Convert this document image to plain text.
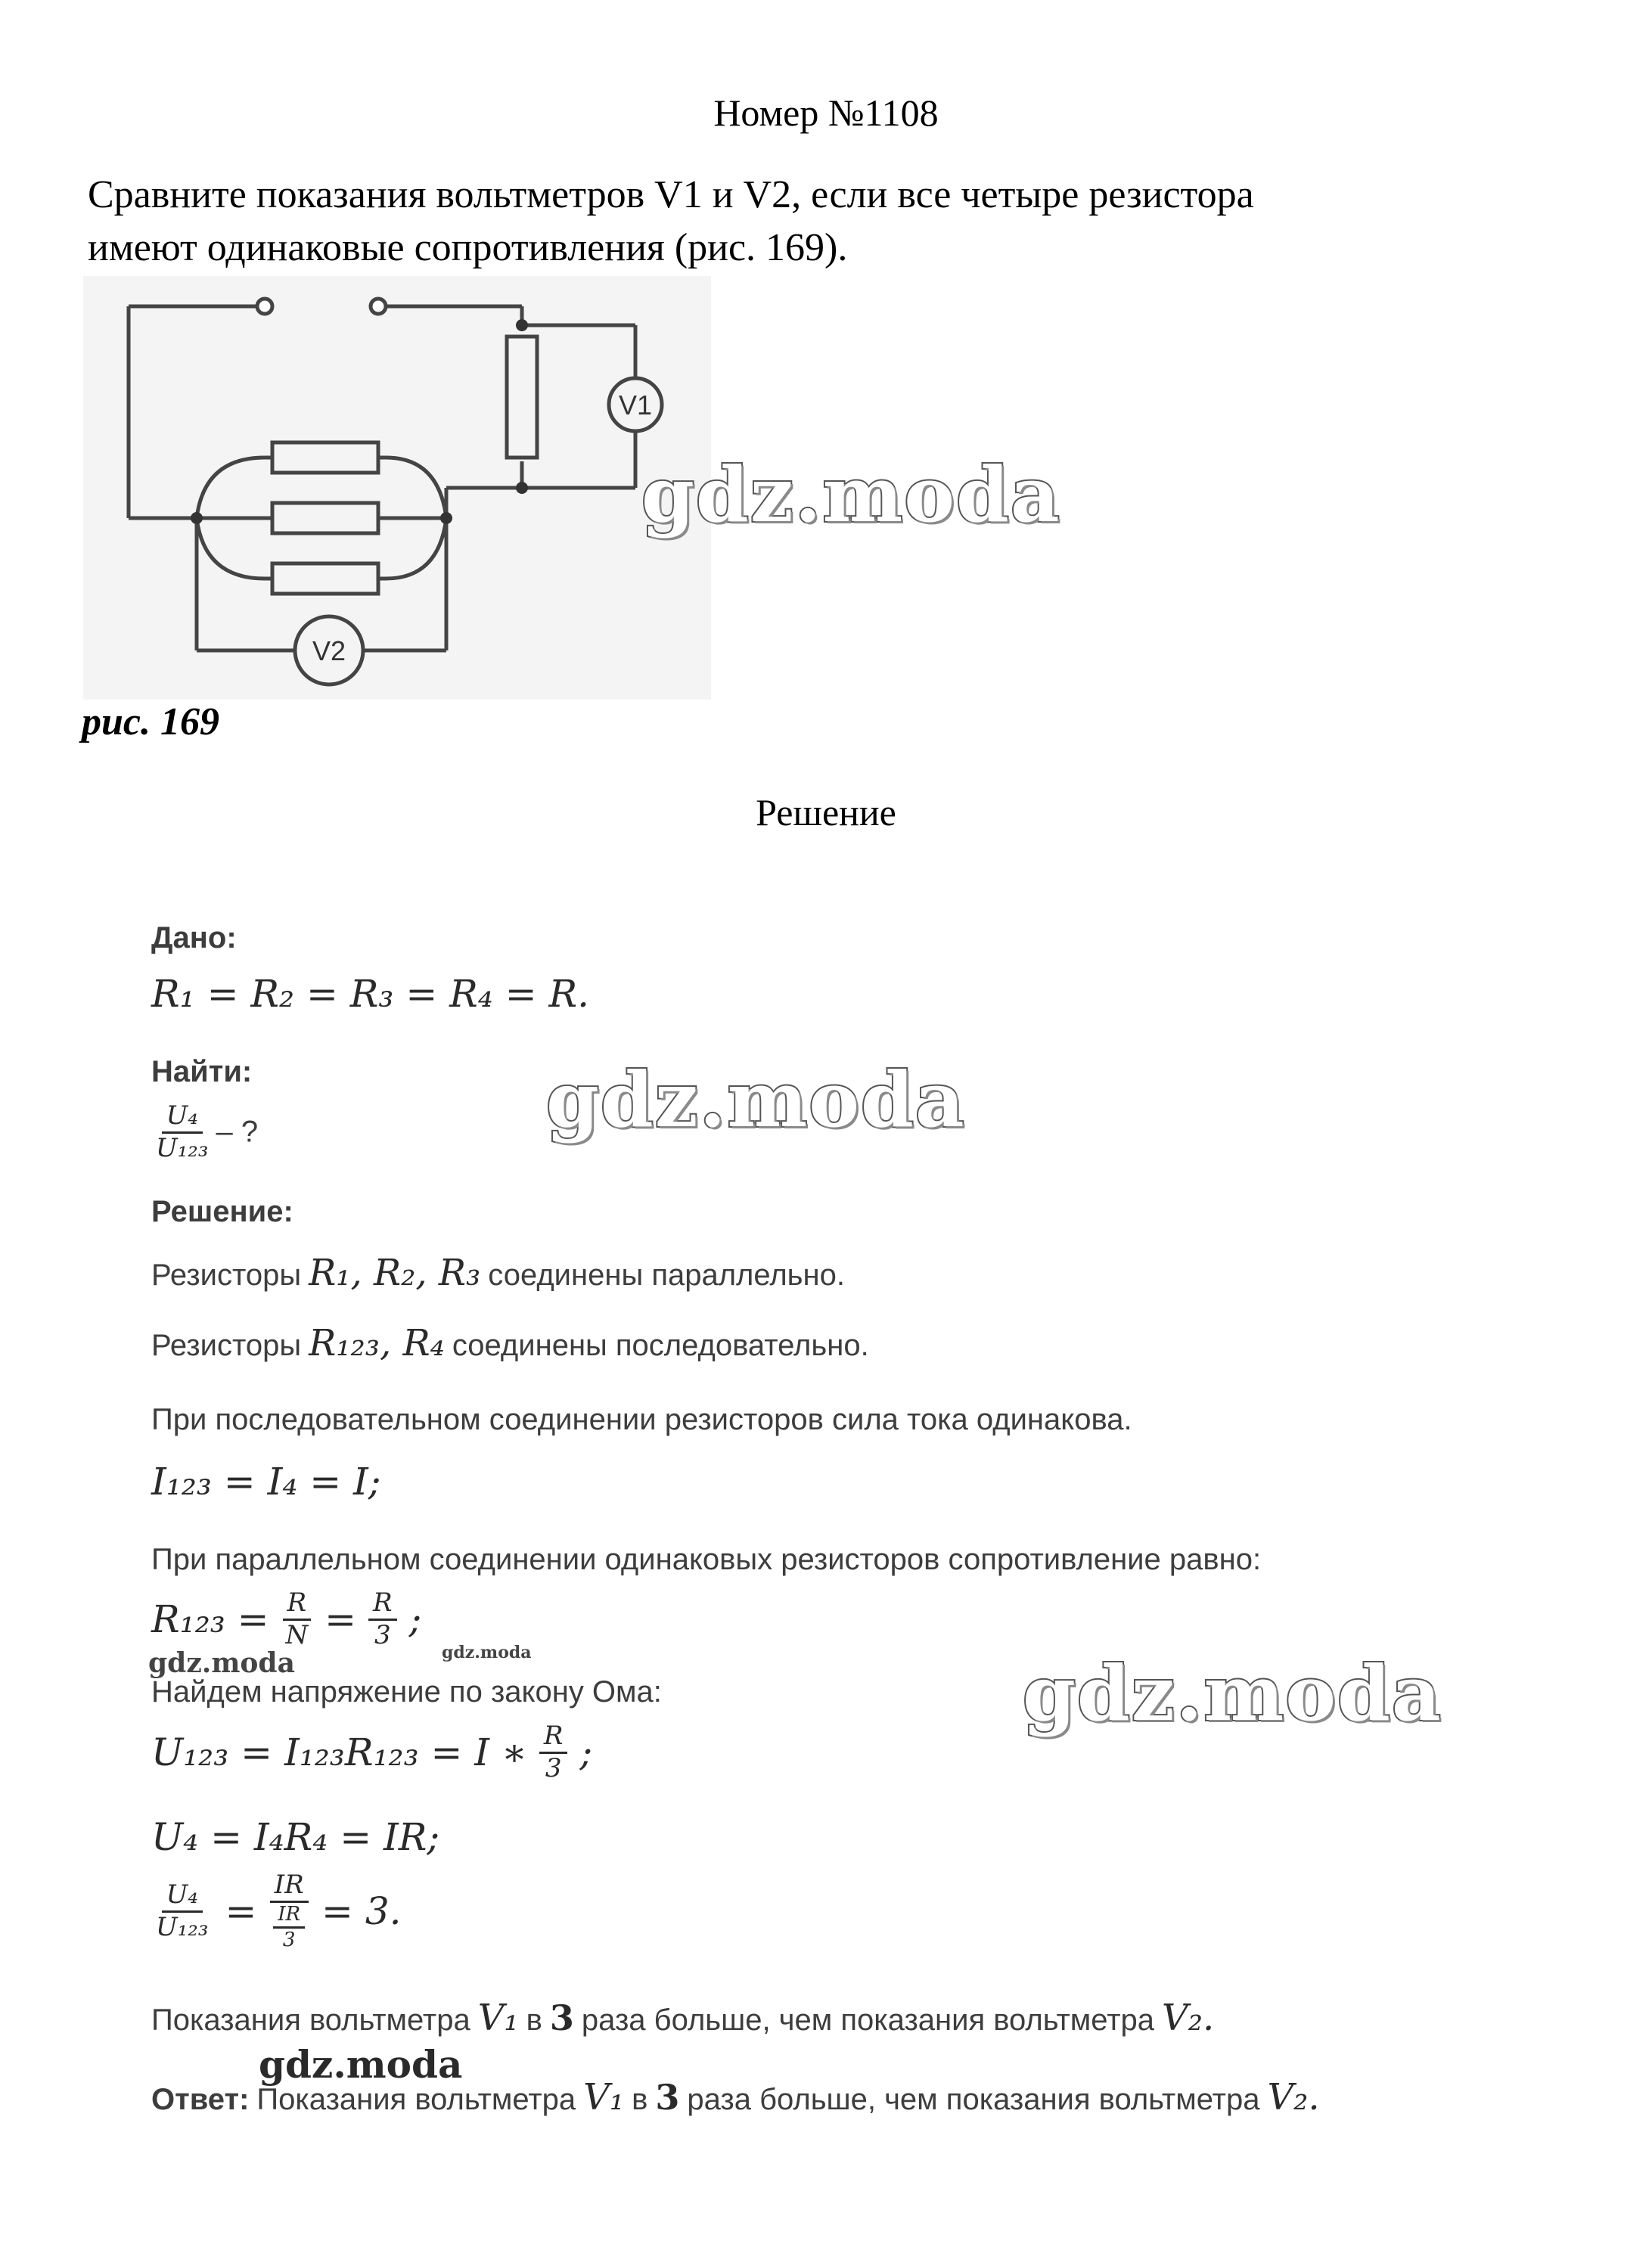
Номер №1108
Сравните показания вольтметров V1 и V2, если все четыре резистора
имеют одинаковые сопротивления (рис. 169).
V1
V2
рис. 169
Решение
Дано:
R₁ = R₂ = R₃ = R₄ = R.
Найти:
$\frac{\text{U₄}}{\text{U₁₂₃}}$ – ?
Решение:
Резисторы R₁, R₂, R₃ соединены параллельно.
Резисторы R₁₂₃, R₄ соединены последовательно.
При последовательном соединении резисторов сила тока одинакова.
I₁₂₃ = I₄ = I;
При параллельном соединении одинаковых резисторов сопротивление равно:
$R_{123} = \frac{R}{N} = \frac{R}{3}$ ;
Найдем напряжение по закону Ома:
U₁₂₃ = I₁₂₃R₁₂₃ = I ∗ $\frac{R}{3}$ ;
U₄ = I₄R₄ = IR;
$\frac{\text{U₄}}{\text{U₁₂₃}} = \frac{IR}{\frac{IR}{3}} = 3$.
Показания вольтметра V₁ в 3 раза больше, чем показания вольтметра V₂.
Ответ: Показания вольтметра V₁ в 3 раза больше, чем показания вольтметра V₂.
gdz.moda
gdz.moda
gdz.moda
gdz.moda	gdz.moda
gdz.moda
